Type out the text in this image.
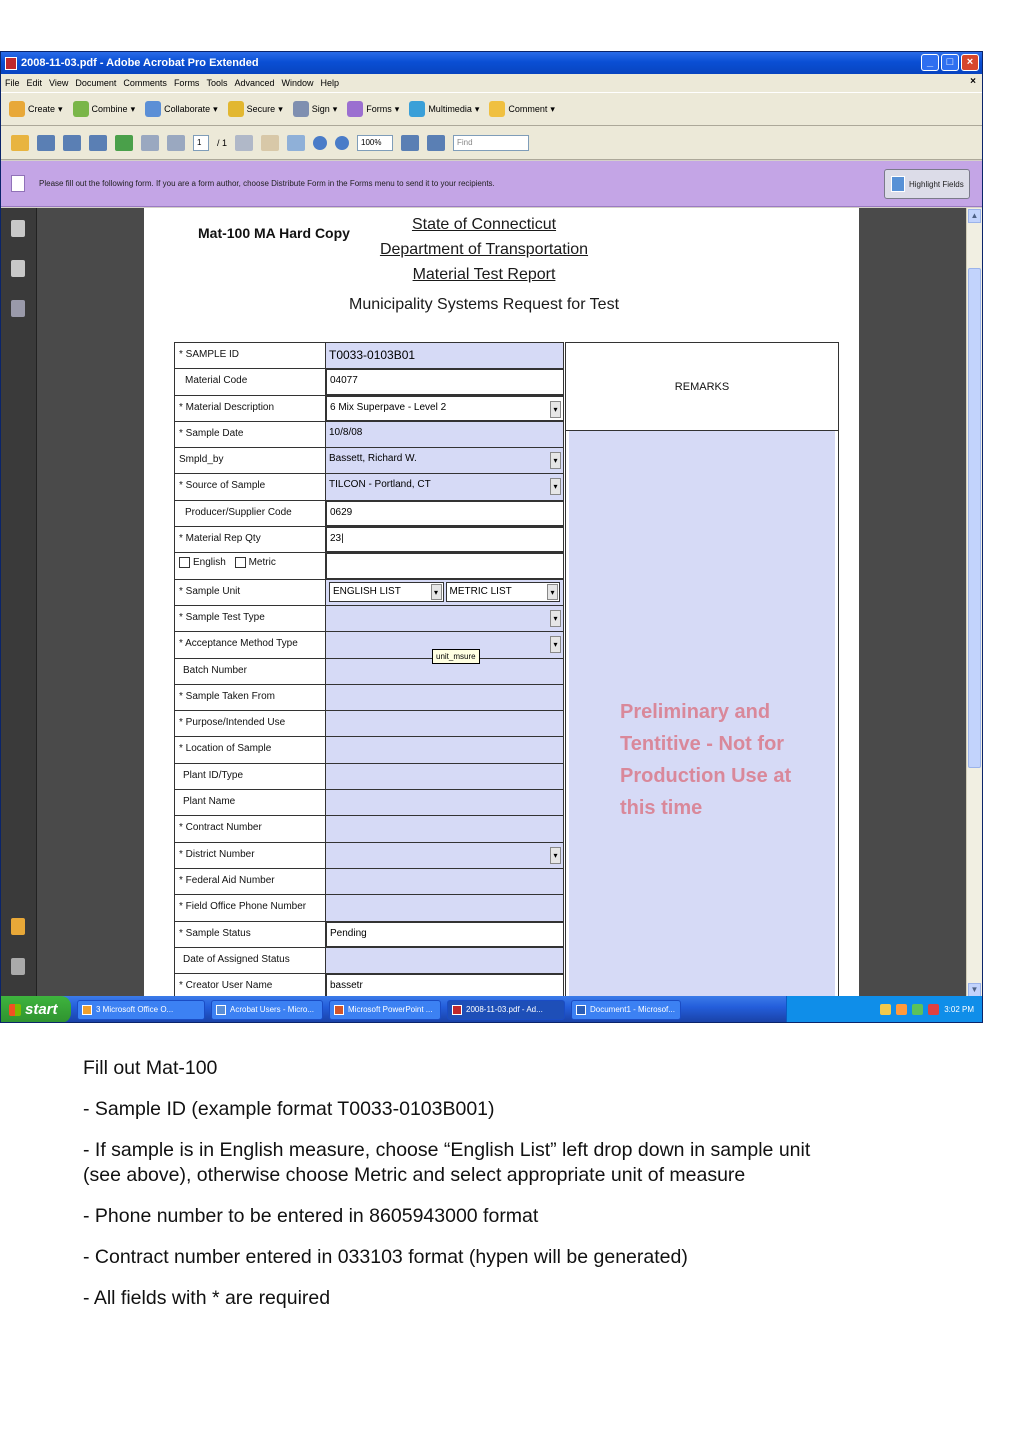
2008-11-03.pdf - Adobe Acrobat Pro Extended	_	□	×
File Edit View Document Comments Forms Tools Advanced Window Help	×
Create ▾	Combine ▾	Collaborate ▾	Secure ▾	Sign ▾	Forms ▾	Multimedia ▾	Comment ▾
1	/ 1	100%	Find
Please fill out the following form. If you are a form author, choose Distribute Form in the Forms menu to send it to your recipients.	Highlight Fields
Mat-100 MA Hard Copy	State of Connecticut
Department of Transportation
Material Test Report
Municipality Systems Request for Test
* SAMPLE ID	T0033-0103B01
Material Code	04077
* Material Description	6 Mix Superpave - Level 2	▾
* Sample Date	10/8/08
Smpld_by	Bassett, Richard W.	▾
* Source of Sample	TILCON - Portland, CT	▾
Producer/Supplier Code	0629
* Material Rep Qty	23|
English Metric
* Sample Unit	ENGLISH LIST	▾	METRIC LIST	▾
* Sample Test Type	▾
* Acceptance Method Type	▾
Batch Number
* Sample Taken From
* Purpose/Intended Use
* Location of Sample
Plant ID/Type
Plant Name
* Contract Number
* District Number	▾
* Federal Aid Number
* Field Office Phone Number
* Sample Status	Pending
Date of Assigned Status
* Creator User Name	bassetr
unit_msure
REMARKS
Preliminary and Tentitive - Not for Production Use at this time
▲
▼
start	3 Microsoft Office O...	Acrobat Users - Micro...	Microsoft PowerPoint ...	2008-11-03.pdf - Ad...	Document1 - Microsof...	3:02 PM

Fill out Mat-100

- Sample ID (example format T0033-0103B001)

- If sample is in English measure, choose “English List” left drop down in sample unit (see above), otherwise choose Metric and select appropriate unit of measure

- Phone number to be entered in 8605943000 format

- Contract number entered in 033103 format (hypen will be generated)

- All fields with * are required
